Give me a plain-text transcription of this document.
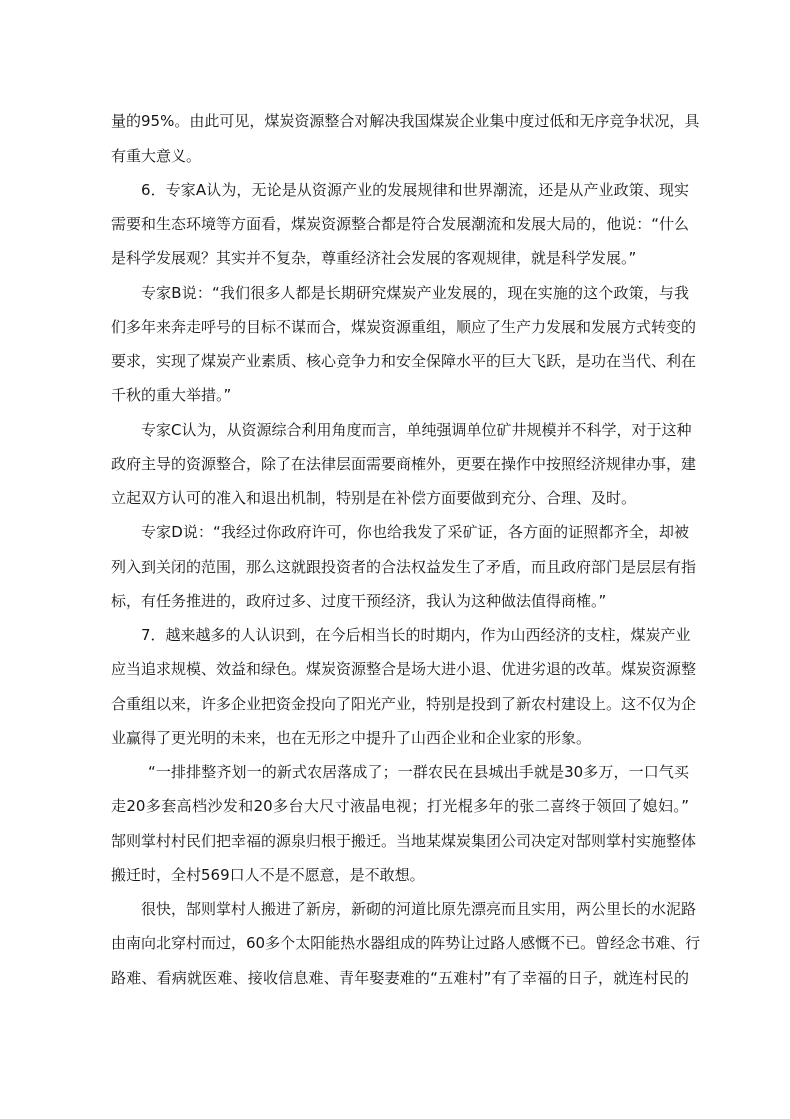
量的95%。由此可见，煤炭资源整合对解决我国煤炭企业集中度过低和无序竞争状况，具
有重大意义。
6．专家A认为，无论是从资源产业的发展规律和世界潮流，还是从产业政策、现实
需要和生态环境等方面看，煤炭资源整合都是符合发展潮流和发展大局的，他说：“什么
是科学发展观？其实并不复杂，尊重经济社会发展的客观规律，就是科学发展。”
专家B说：“我们很多人都是长期研究煤炭产业发展的，现在实施的这个政策，与我
们多年来奔走呼号的目标不谋而合，煤炭资源重组，顺应了生产力发展和发展方式转变的
要求，实现了煤炭产业素质、核心竞争力和安全保障水平的巨大飞跃，是功在当代、利在
千秋的重大举措。”
专家C认为，从资源综合利用角度而言，单纯强调单位矿井规模并不科学，对于这种
政府主导的资源整合，除了在法律层面需要商榷外，更要在操作中按照经济规律办事，建
立起双方认可的准入和退出机制，特别是在补偿方面要做到充分、合理、及时。
专家D说：“我经过你政府许可，你也给我发了采矿证，各方面的证照都齐全，却被
列入到关闭的范围，那么这就跟投资者的合法权益发生了矛盾，而且政府部门是层层有指
标，有任务推进的，政府过多、过度干预经济，我认为这种做法值得商榷。”
7．越来越多的人认识到，在今后相当长的时期内，作为山西经济的支柱，煤炭产业
应当追求规模、效益和绿色。煤炭资源整合是场大进小退、优进劣退的改革。煤炭资源整
合重组以来，许多企业把资金投向了阳光产业，特别是投到了新农村建设上。这不仅为企
业赢得了更光明的未来，也在无形之中提升了山西企业和企业家的形象。
“一排排整齐划一的新式农居落成了；一群农民在县城出手就是30多万，一口气买
走20多套高档沙发和20多台大尺寸液晶电视；打光棍多年的张二喜终于领回了媳妇。”
郜则掌村村民们把幸福的源泉归根于搬迁。当地某煤炭集团公司决定对郜则掌村实施整体
搬迁时，全村569口人不是不愿意，是不敢想。
很快，郜则掌村人搬进了新房，新砌的河道比原先漂亮而且实用，两公里长的水泥路
由南向北穿村而过，60多个太阳能热水器组成的阵势让过路人感慨不已。曾经念书难、行
路难、看病就医难、接收信息难、青年娶妻难的“五难村”有了幸福的日子，就连村民的
